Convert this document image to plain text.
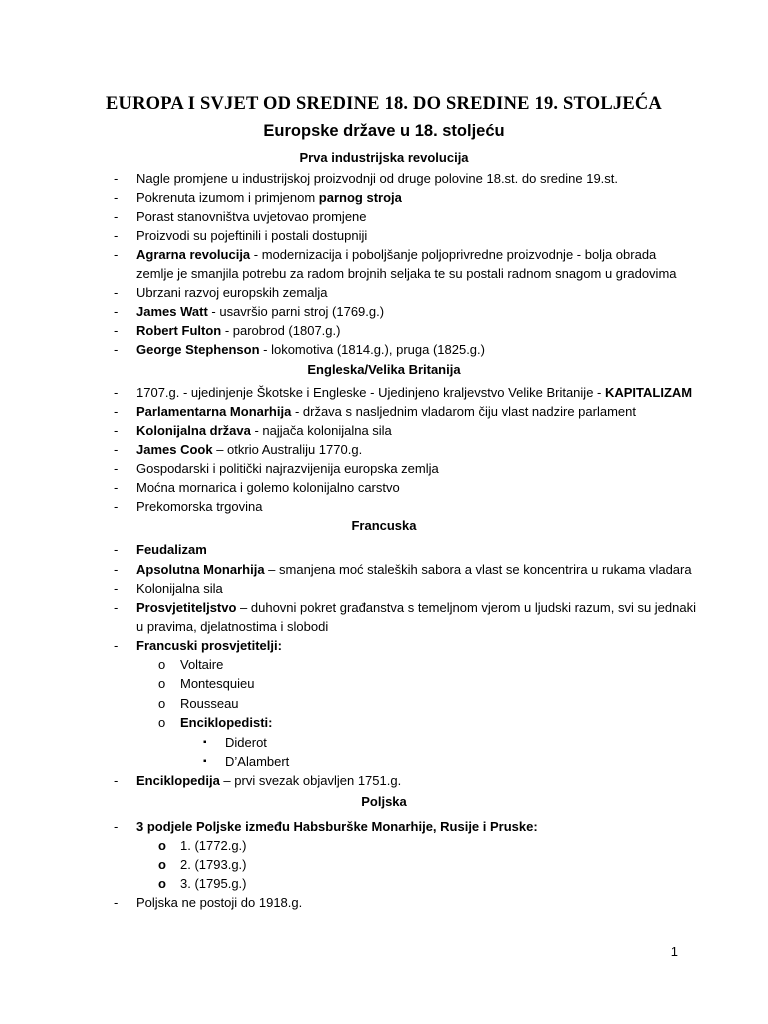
EUROPA I SVJET OD SREDINE 18. DO SREDINE 19. STOLJEĆA
Europske države u 18. stoljeću
Prva industrijska revolucija
- Nagle promjene u industrijskoj proizvodnji od druge polovine 18.st. do sredine 19.st.
- Pokrenuta izumom i primjenom parnog stroja
- Porast stanovništva uvjetovao promjene
- Proizvodi su pojeftinili i postali dostupniji
- Agrarna revolucija - modernizacija i poboljšanje poljoprivredne proizvodnje - bolja obrada
zemlje je smanjila potrebu za radom brojnih seljaka te su postali radnom snagom u gradovima
- Ubrzani razvoj europskih zemalja
- James Watt - usavršio parni stroj (1769.g.)
- Robert Fulton - parobrod (1807.g.)
- George Stephenson - lokomotiva (1814.g.), pruga (1825.g.)
Engleska/Velika Britanija
- 1707.g. - ujedinjenje Škotske i Engleske - Ujedinjeno kraljevstvo Velike Britanije - KAPITALIZAM
- Parlamentarna Monarhija - država s nasljednim vladarom čiju vlast nadzire parlament
- Kolonijalna država - najjača kolonijalna sila
- James Cook – otkrio Australiju 1770.g.
- Gospodarski i politički najrazvijenija europska zemlja
- Moćna mornarica i golemo kolonijalno carstvo
- Prekomorska trgovina
Francuska
- Feudalizam
- Apsolutna Monarhija – smanjena moć staleških sabora a vlast se koncentrira u rukama vladara
- Kolonijalna sila
- Prosvjetiteljstvo – duhovni pokret građanstva s temeljnom vjerom u ljudski razum, svi su jednaki
u pravima, djelatnostima i slobodi
- Francuski prosvjetitelji:
o Voltaire
o Montesquieu
o Rousseau
o Enciklopedisti:
▪ Diderot
▪ D’Alambert
- Enciklopedija – prvi svezak objavljen 1751.g.
Poljska
- 3 podjele Poljske između Habsburške Monarhije, Rusije i Pruske:
o 1. (1772.g.)
o 2. (1793.g.)
o 3. (1795.g.)
- Poljska ne postoji do 1918.g.
1
